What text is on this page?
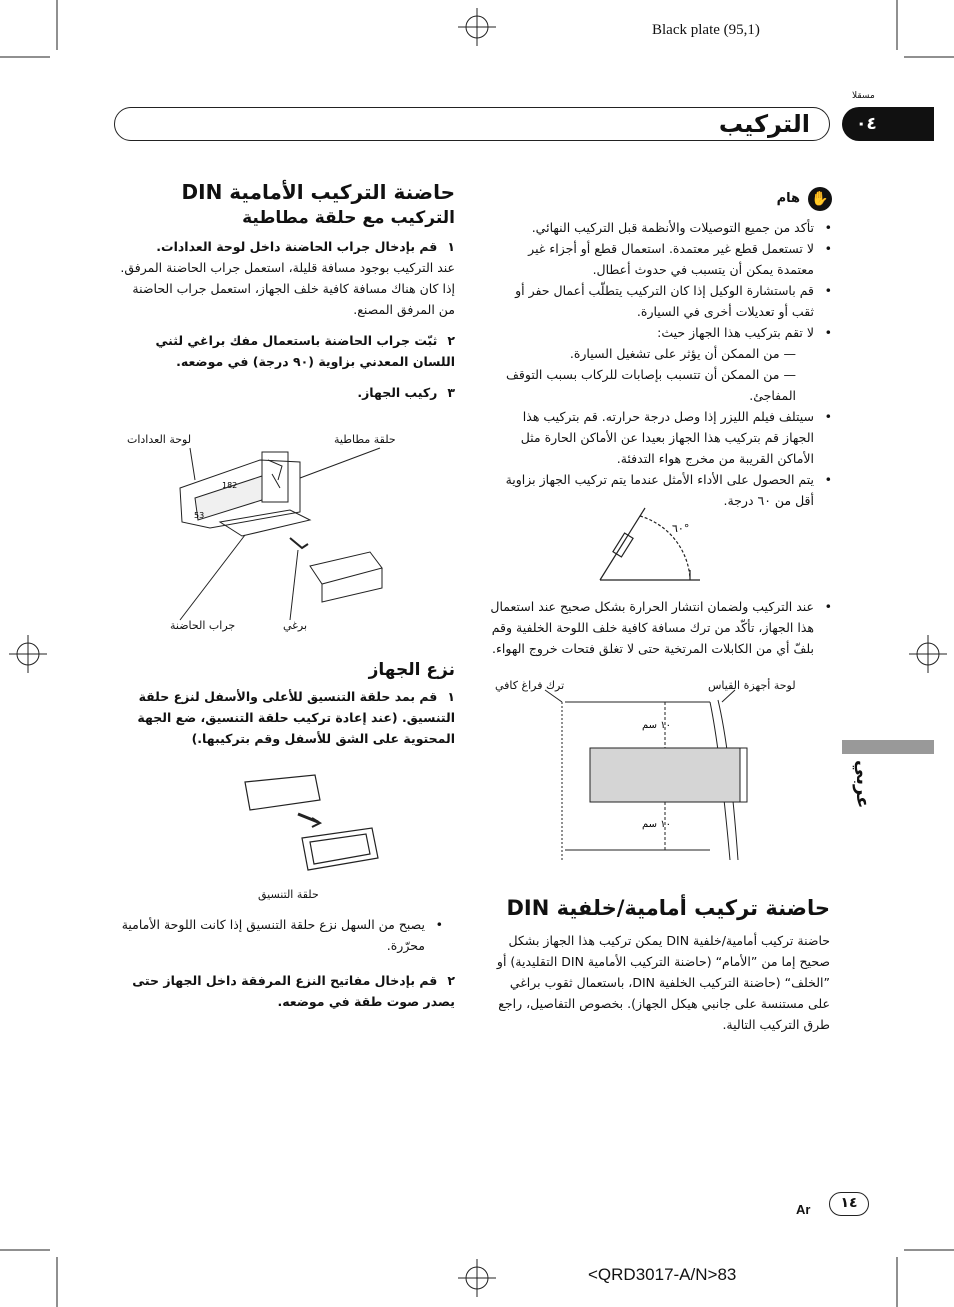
Black plate (95,1)
<QRD3017-A/N>83
مسقلا
التركيب	٠٤
عربي
١٤
Ar
✋
هام
• تأكد من جميع التوصيلات والأنظمة قبل التركيب النهائي.
• لا تستعمل قطع غير معتمدة. استعمال قطع أو أجزاء غير معتمدة يمكن أن يتسبب في حدوث أعطال.
• قم باستشارة الوكيل إذا كان التركيب يتطلّب أعمال حفر أو ثقب أو تعديلات أخرى في السيارة.
• لا تقم بتركيب هذا الجهاز حيث:
— من الممكن أن يؤثر على تشغيل السيارة.
— من الممكن أن تتسبب بإصابات للركاب بسبب التوقف المفاجئ.
• سيتلف فيلم الليزر إذا وصل درجة حرارته. قم بتركيب هذا الجهاز قم بتركيب هذا الجهاز بعيدا عن الأماكن الحارة مثل الأماكن القريبة من مخرج هواء التدفئة.
• يتم الحصول على الأداء الأمثل عندما يتم تركيب الجهاز بزاوية أقل من ٦٠ درجة.
٦٠°
• عند التركيب ولضمان انتشار الحرارة بشكل صحيح عند استعمال هذا الجهاز، تأكّد من ترك مسافة كافية خلف اللوحة الخلفية وقم بلفّ أي من الكابلات المرتخية حتى لا تغلق فتحات خروج الهواء.
ترك فراغ كافي	لوحة أجهزة القياس
١٠ سم
١٠ سم
حاضنة تركيب أمامية/خلفية DIN
حاضنة تركيب أمامية/خلفية DIN يمكن تركيب هذا الجهاز بشكل صحيح إما من ”الأمام“ (حاضنة التركيب الأمامية DIN التقليدية) أو ”الخلف“ (حاضنة التركيب الخلفية DIN، باستعمال ثقوب براغي على مستنسة على جانبي هيكل الجهاز). بخصوص التفاصيل، راجع طرق التركيب التالية.
حاضنة التركيب الأمامية DIN
التركيب مع حلقة مطاطية
١قم بإدخال جراب الحاضنة داخل لوحة العدادات.
عند التركيب بوجود مسافة قليلة، استعمل جراب الحاضنة المرفق. إذا كان هناك مسافة كافية خلف الجهاز، استعمل جراب الحاضنة من المرفق المصنع.
٢ثبّت جراب الحاضنة باستعمال مفك براغي لثني اللسان المعدني بزاوية (٩٠ درجة) في موضعه.
٣ركيب الجهاز.
لوحة العدادات	حلقة مطاطية
جراب الحاضنة	برغي
182
53
نزع الجهاز
١قم بمد حلقة التنسيق للأعلى والأسفل لنزع حلقة التنسيق. (عند إعادة تركيب حلقة التنسيق، ضع الجهة المحتوية على الشق للأسفل وقم بتركيبها.)
حلقة التنسيق
• يصبح من السهل نزع حلقة التنسيق إذا كانت اللوحة الأمامية محرّرة.
٢قم بإدخال مفاتيح النزع المرفقة داخل الجهاز حتى يصدر صوت طقة في موضعه.
